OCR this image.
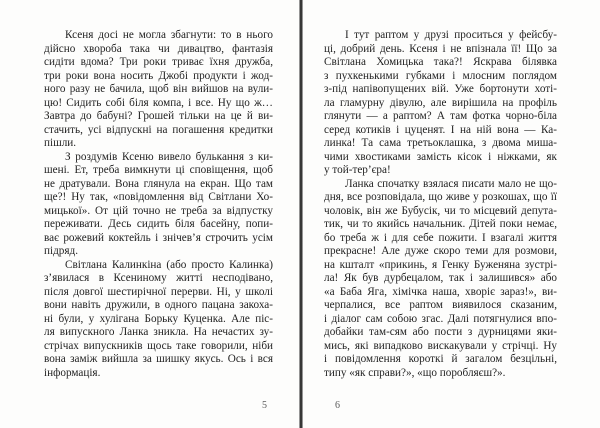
Ксеня досі не могла збагнути: то в нього
дійсно хвороба така чи дивацтво, фантазія
сидіти вдома? Три роки триває їхня дружба,
три роки вона носить Джобі продукти і жод-
ного разу не бачила, щоб він вийшов на вули-
цю! Сидить собі біля компа, і все. Ну що ж…
Завтра до бабуні? Грошей тільки на це й ви-
стачить, усі відпускні на погашення кредитки
пішли.
З роздумів Ксеню вивело булькання з ки-
шені. Ет, треба вимкнути ці сповіщення, щоб
не дратували. Вона глянула на екран. Що там
ще?! Ну так, «повідомлення від Світлани Хо-
мицької». От цій точно не треба за відпустку
переживати. Десь сидить біля басейну, попи-
ває рожевий коктейль і знічев’я строчить усім
підряд.
Світлана Калинкіна (або просто Калинка)
з’явилася в Ксениному житті несподівано,
після довгої шестирічної перерви. Ні, у школі
вони навіть дружили, в одного пацана закоха-
ні були, у хулігана Борьку Куценка. Але піс-
ля випускного Ланка зникла. На нечастих зу-
стрічах випускників щось таке говорили, ніби
вона заміж вийшла за шишку якусь. Ось і вся
інформація.
І тут раптом у друзі проситься у фейсбу-
ці, добрий день. Ксеня і не впізнала її! Що за
Світлана Хомицька така?! Яскрава білявка
з пухкенькими губками і млосним поглядом
з-під напівопущених вій. Уже бортонути хоті-
ла гламурну дівулю, але вирішила на профіль
глянути — а раптом? А там фотка чорно-біла
серед котиків і цуценят. І на ній вона — Ка-
линка! Та сама третьоклашка, з двома миша-
чими хвостиками замість кісок і ніжками, як
у той-тер’єра!
Ланка спочатку взялася писати мало не що-
дня, все розповідала, що живе у розкошах, що її
чоловік, він же Бубусік, чи то місцевий депута-
тик, чи то якийсь начальник. Дітей поки немає,
бо треба ж і для себе пожити. І взагалі життя
прекрасне! Але дуже скоро теми для розмови,
на кшталт «прикинь, я Генку Буженяна зустрі-
ла! Як був дурбецалом, так і залишився» або
«а Баба Яга, хімічка наша, хворіє зараз!», ви-
черпалися, все раптом виявилося сказаним,
і діалог сам собою згас. Далі потягнулися впо-
добайки там-сям або пости з дурницями яки-
мись, які випадково вискакували у стрічці. Ну
і повідомлення короткі й загалом безцільні,
типу «як справи?», «що поробляєш?».
5	6
